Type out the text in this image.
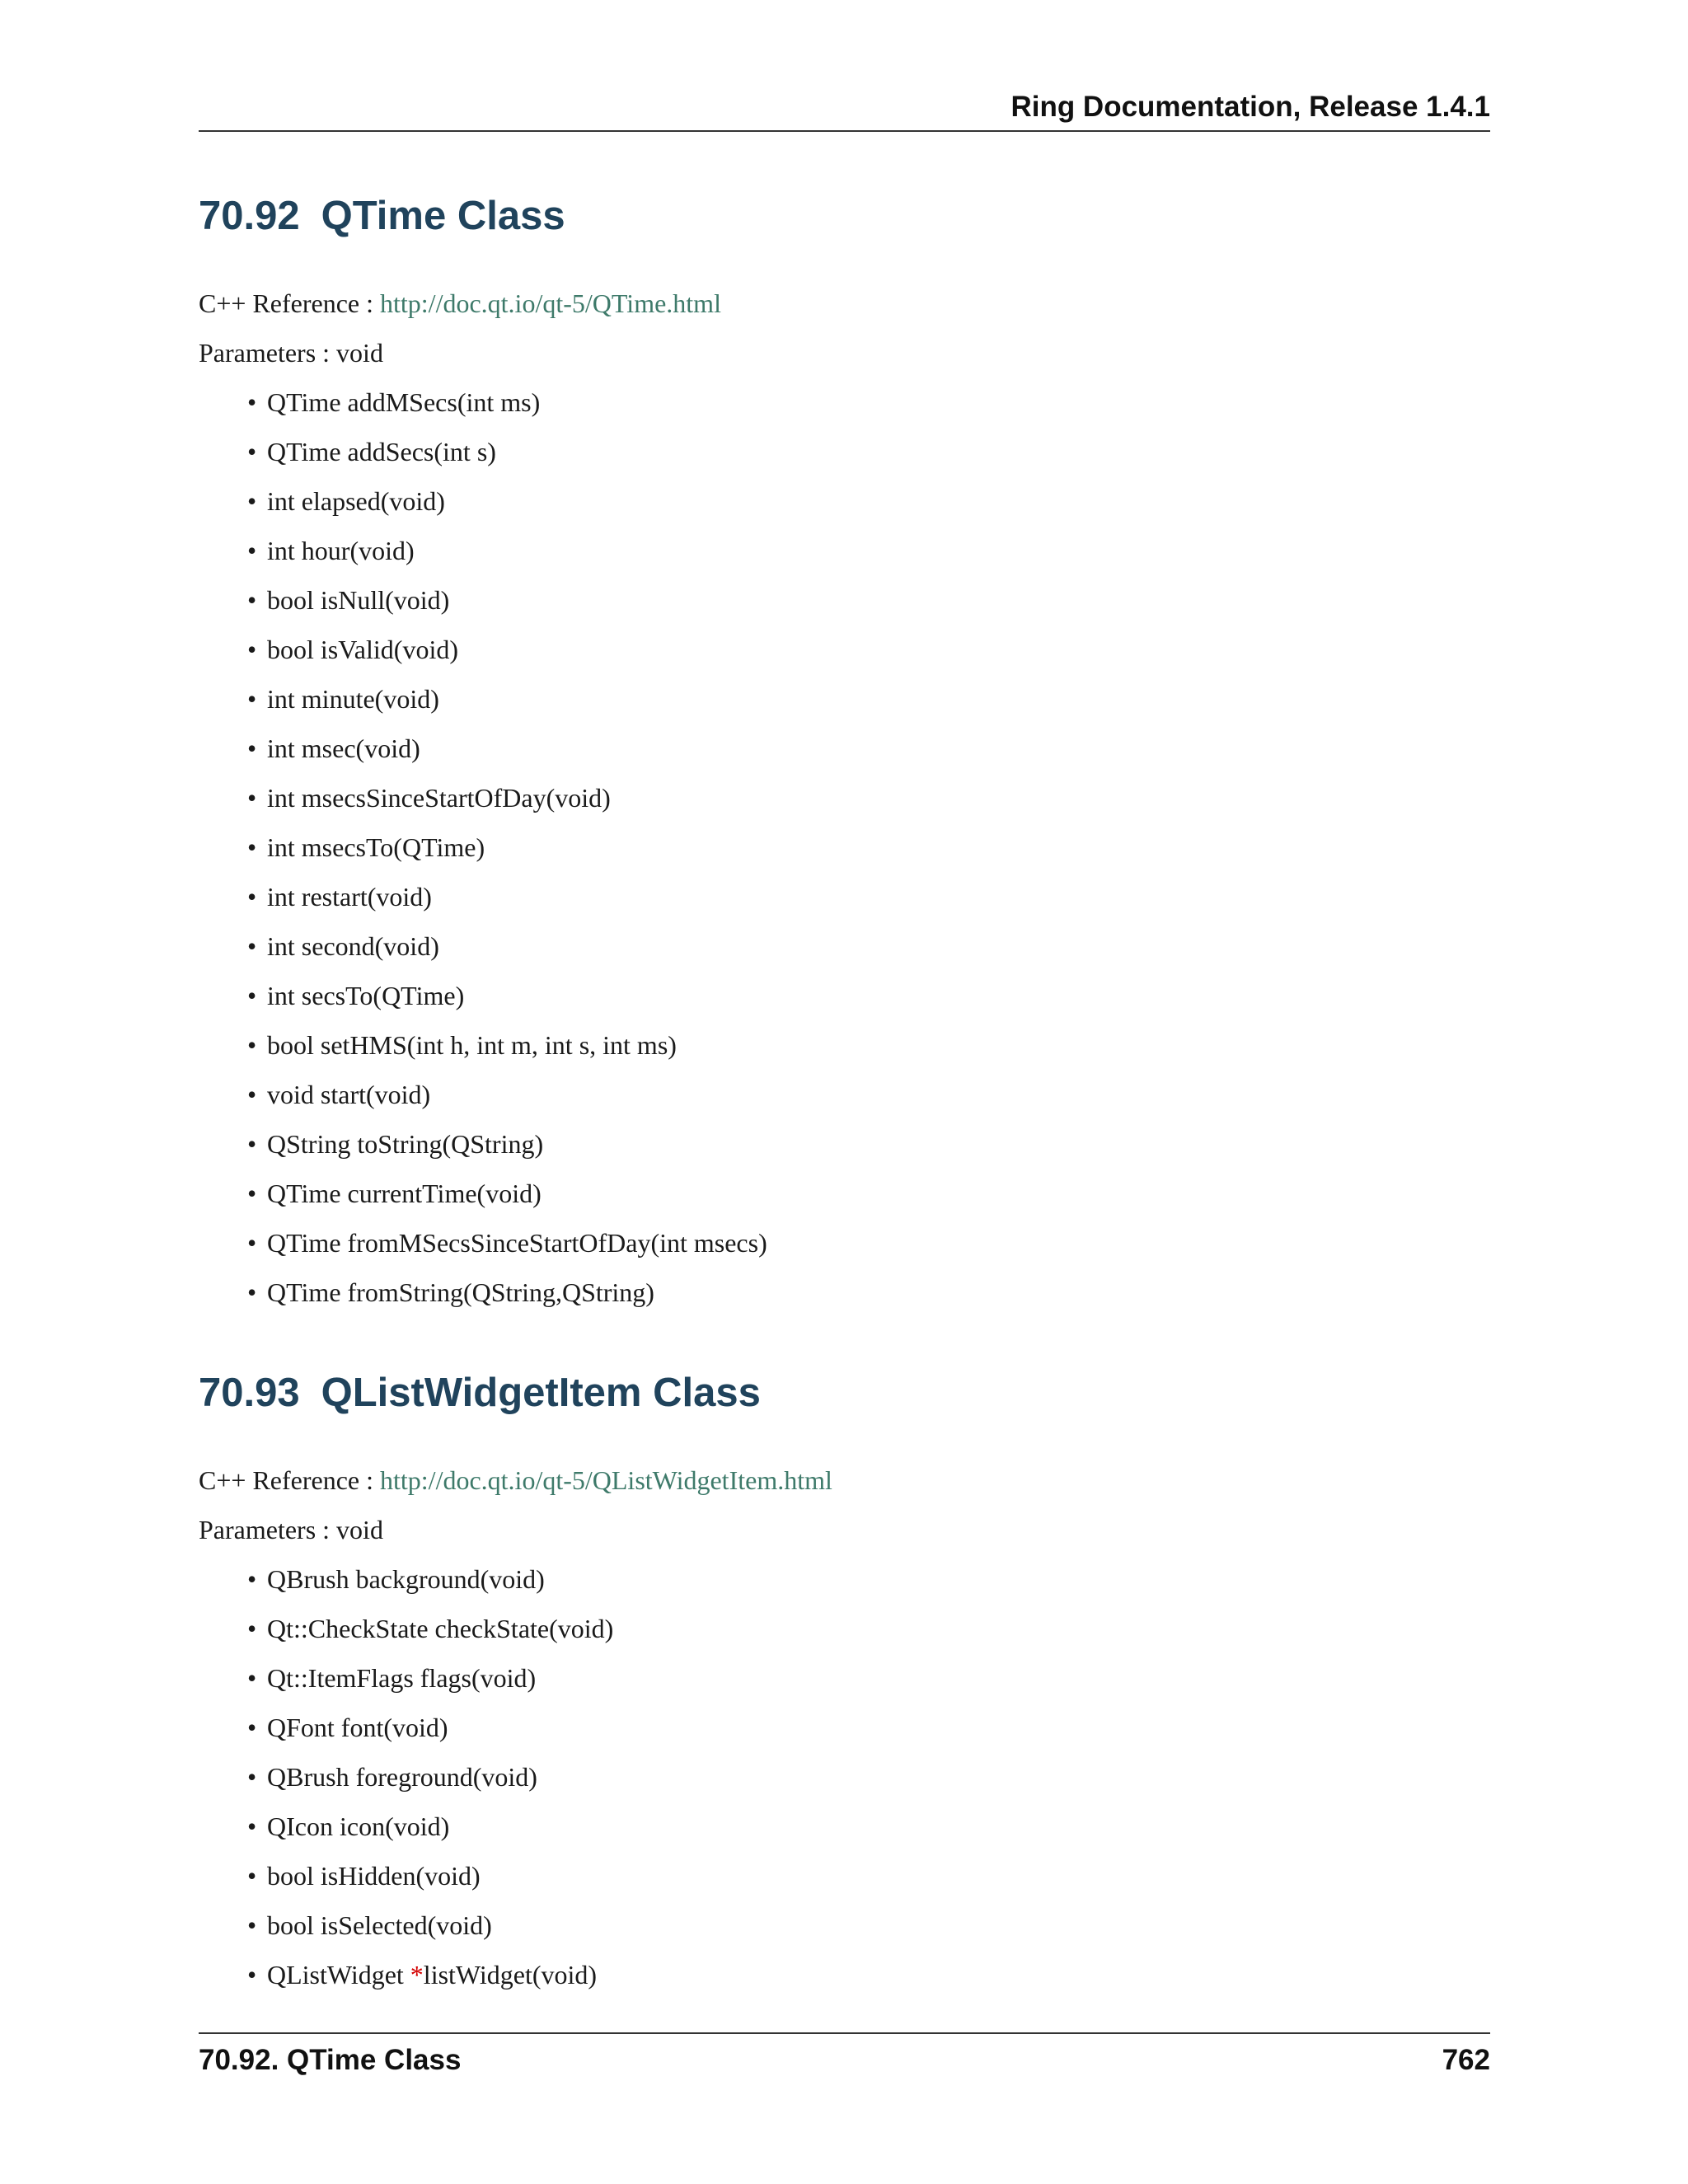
Ring Documentation, Release 1.4.1
70.92 QTime Class

C++ Reference : http://doc.qt.io/qt-5/QTime.html

Parameters : void

• QTime addMSecs(int ms)
• QTime addSecs(int s)
• int elapsed(void)
• int hour(void)
• bool isNull(void)
• bool isValid(void)
• int minute(void)
• int msec(void)
• int msecsSinceStartOfDay(void)
• int msecsTo(QTime)
• int restart(void)
• int second(void)
• int secsTo(QTime)
• bool setHMS(int h, int m, int s, int ms)
• void start(void)
• QString toString(QString)
• QTime currentTime(void)
• QTime fromMSecsSinceStartOfDay(int msecs)
• QTime fromString(QString,QString)
70.93 QListWidgetItem Class

C++ Reference : http://doc.qt.io/qt-5/QListWidgetItem.html

Parameters : void

• QBrush background(void)
• Qt::CheckState checkState(void)
• Qt::ItemFlags flags(void)
• QFont font(void)
• QBrush foreground(void)
• QIcon icon(void)
• bool isHidden(void)
• bool isSelected(void)
• QListWidget *listWidget(void)
70.92. QTime Class	762
